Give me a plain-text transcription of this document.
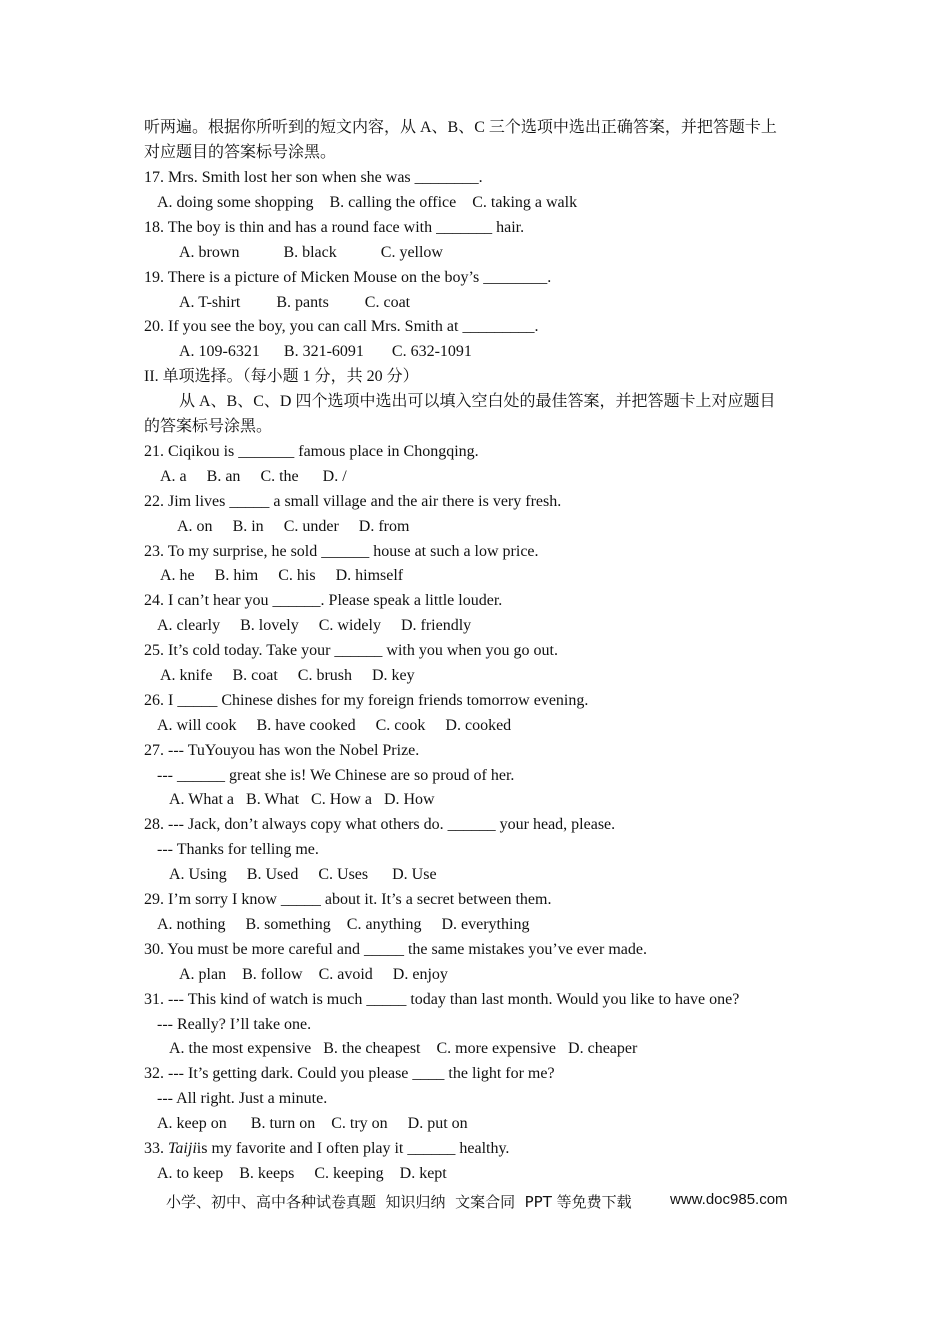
听两遍。根据你所听到的短文内容，从 A、B、C 三个选项中选出正确答案，并把答题卡上
对应题目的答案标号涂黑。
17. Mrs. Smith lost her son when she was ________.
A. doing some shopping B. calling the office C. taking a walk
18. The boy is thin and has a round face with _______ hair.
A. brown	B. black	C. yellow
19. There is a picture of Micken Mouse on the boy’s ________.
A. T-shirt B. pants C. coat
20. If you see the boy, you can call Mrs. Smith at _________.
A. 109-6321 B. 321-6091 C. 632-1091
II. 单项选择。（每小题 1 分，共 20 分）
从 A、B、C、D 四个选项中选出可以填入空白处的最佳答案，并把答题卡上对应题目
的答案标号涂黑。
21. Ciqikou is _______ famous place in Chongqing.
A. a B. an C. the D. /
22. Jim lives _____ a small village and the air there is very fresh.
A. on B. in C. under D. from
23. To my surprise, he sold ______ house at such a low price.
A. he B. him C. his D. himself
24. I can’t hear you ______. Please speak a little louder.
A. clearly B. lovely C. widely D. friendly
25. It’s cold today. Take your ______ with you when you go out.
A. knife B. coat C. brush D. key
26. I _____ Chinese dishes for my foreign friends tomorrow evening.
A. will cook B. have cooked C. cook D. cooked
27. --- TuYouyou has won the Nobel Prize.
--- ______ great she is! We Chinese are so proud of her.
A. What a B. What C. How a D. How
28. --- Jack, don’t always copy what others do. ______ your head, please.
--- Thanks for telling me.
A. Using B. Used C. Uses D. Use
29. I’m sorry I know _____ about it. It’s a secret between them.
A. nothing B. something C. anything D. everything
30. You must be more careful and _____ the same mistakes you’ve ever made.
A. plan B. follow C. avoid D. enjoy
31. --- This kind of watch is much _____ today than last month. Would you like to have one?
--- Really? I’ll take one.
A. the most expensive B. the cheapest C. more expensive D. cheaper
32. --- It’s getting dark. Could you please ____ the light for me?
--- All right. Just a minute.
A. keep on B. turn on C. try on D. put on
33. Taijiis my favorite and I often play it ______ healthy.
A. to keep B. keeps C. keeping D. kept
小学、初中、高中各种试卷真题  知识归纳  文案合同  PPT 等免费下载	www.doc985.com
